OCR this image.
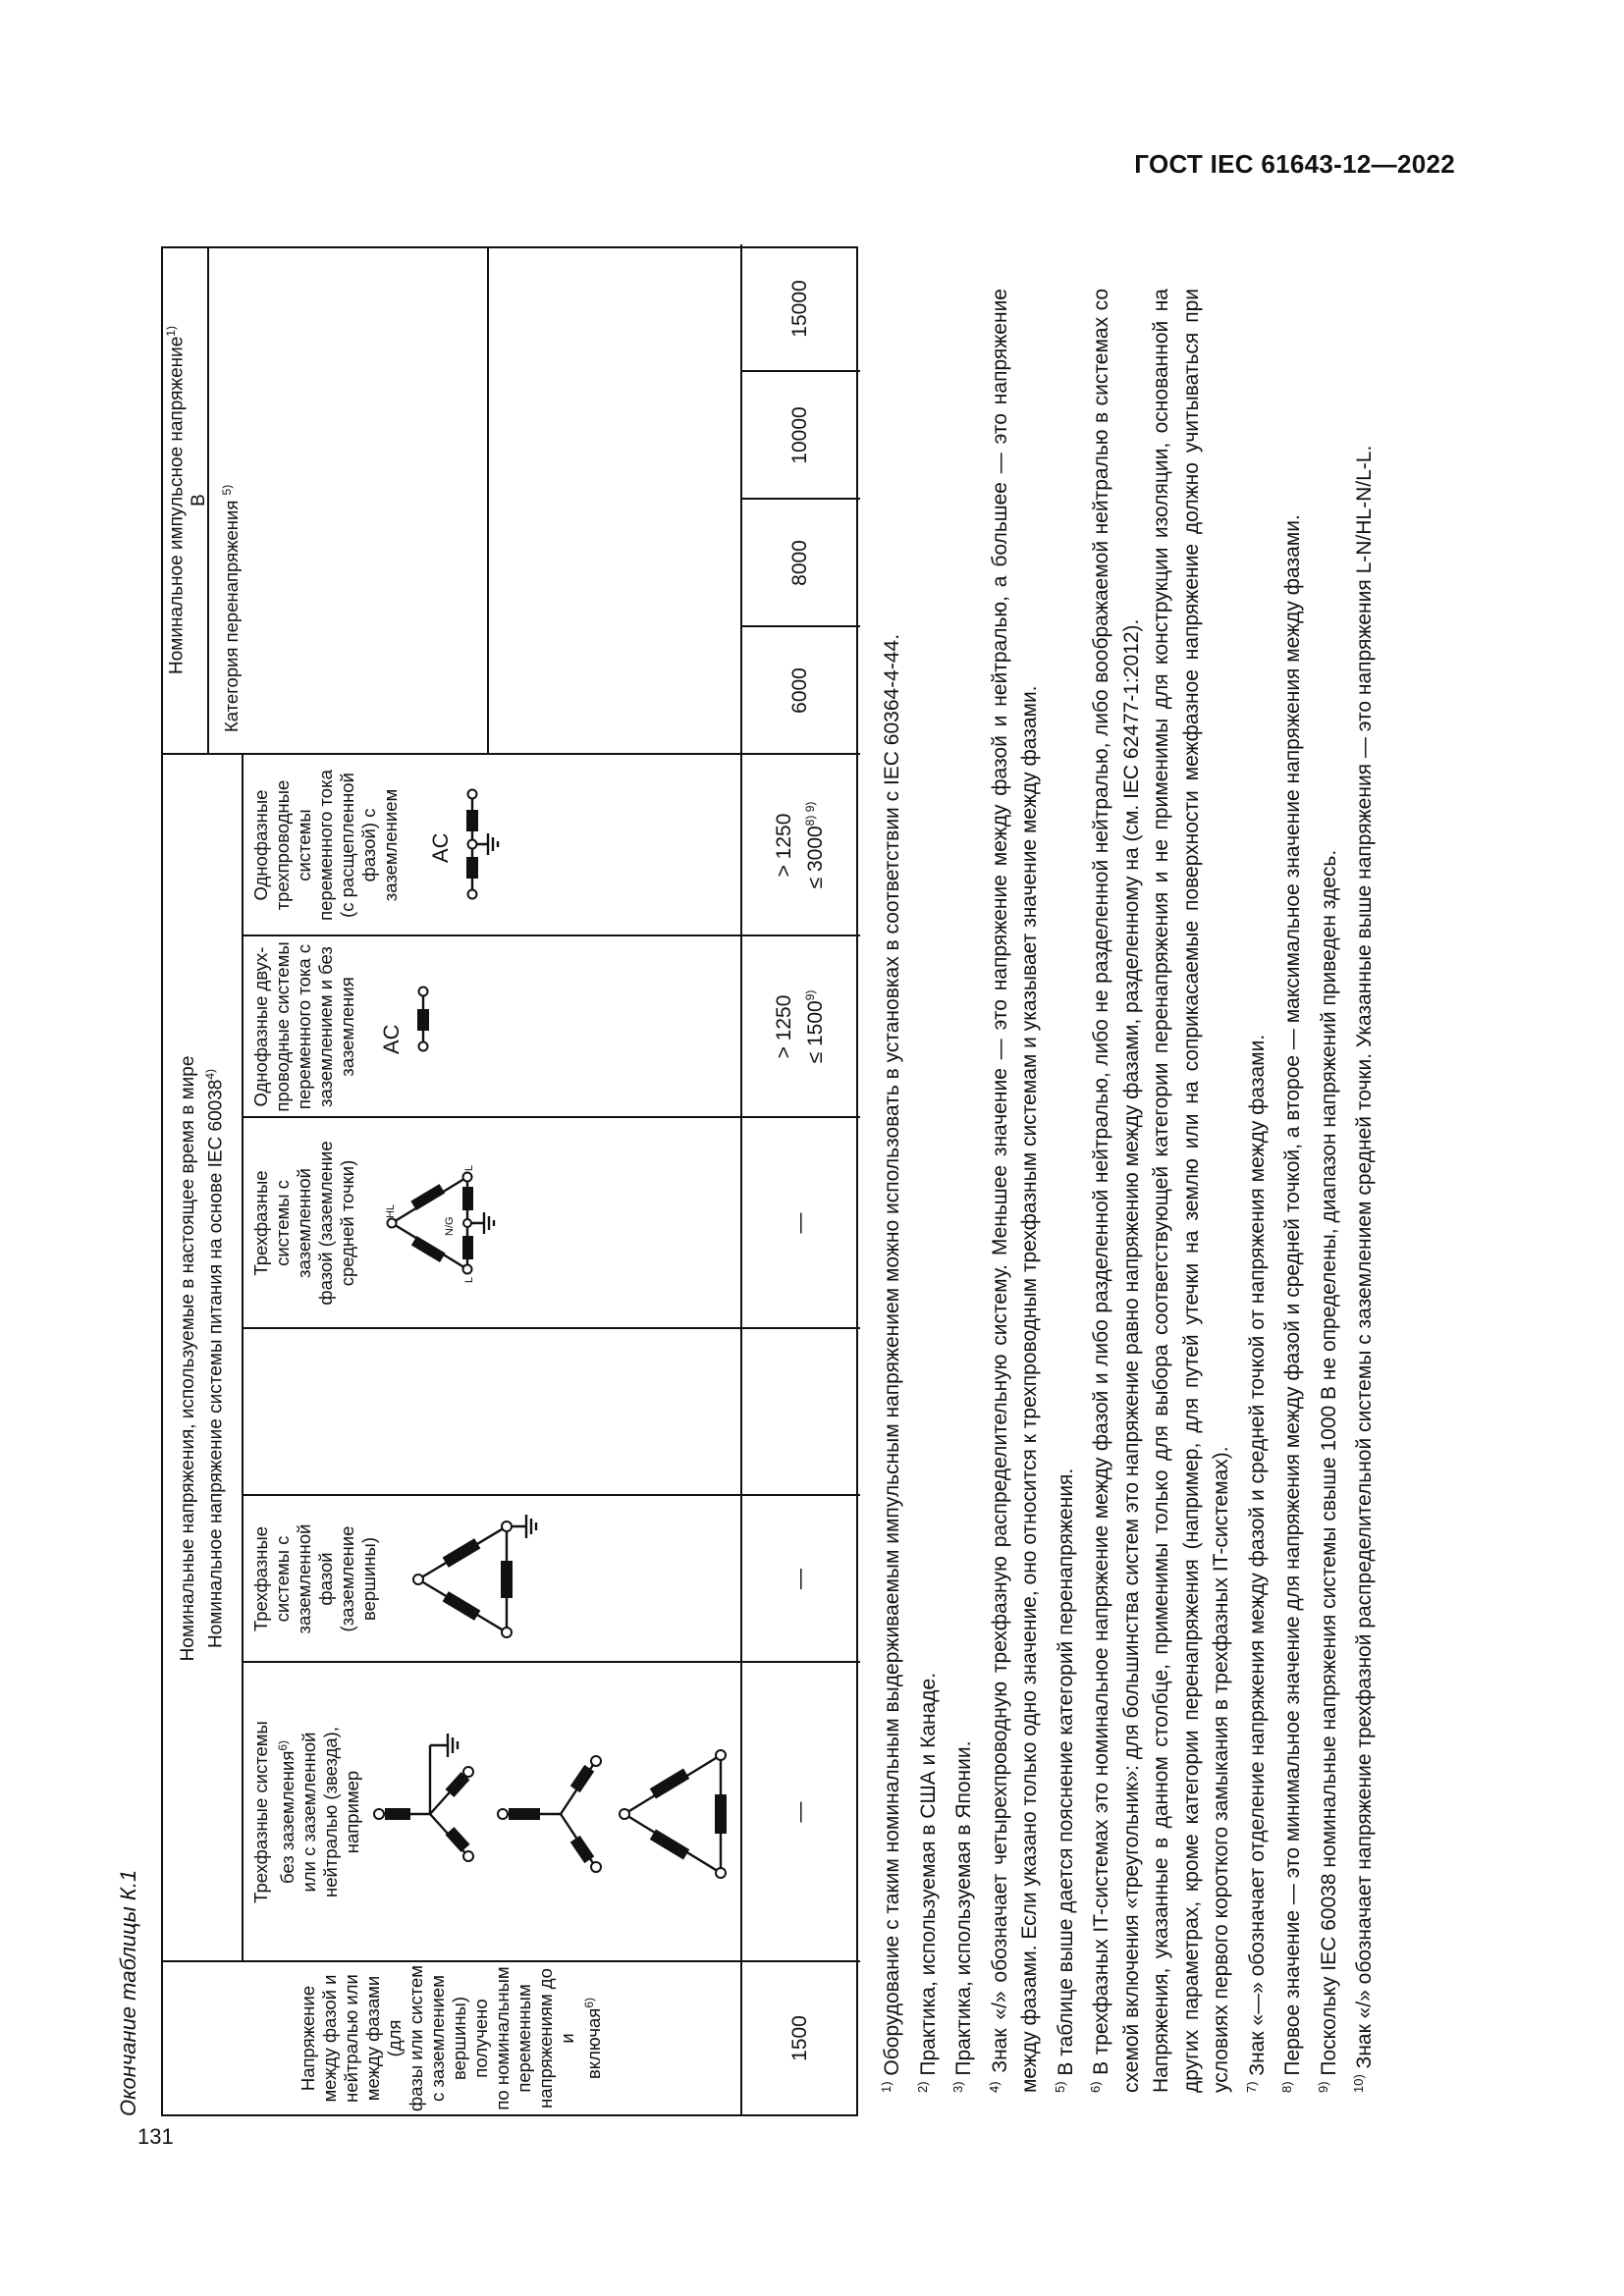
ГОСТ IEC 61643-12—2022
131
Окончание таблицы К.1
Номинальные напряжения, используемые в настоящее время в мире Номинальное напряжение системы питания на основе IEC 60038$^{4)}$
Номинальное импульсное напряжение$^{1)}$
В Категория перенапряжения $^{5)}$
Напряжение между фазой и нейтралью или между фазами (для фазы или систем с заземлением вершины) получено по номинальным переменным напряжениям до и включая$^{6)}$
Трехфазные системы без заземления$^{6)}$ или с заземленной нейтралью (звезда), например
Трехфазные системы с заземленной фазой (заземление вершины)
Трехфазные системы с заземленной фазой (заземление средней точки)	HL
N/G
L
L
Однофазные двух- проводные системы переменного тока с заземлением и без заземления AC
Однофазные трехпроводные системы переменного тока (с расщепленной фазой) с заземлением AC
1500
—
—
—
> $1250 \le 1500^{9)}$
> $1250 \le 3000^{8) 9)}$
6000
8000
10000
15000

$^{1)}$ Оборудование с таким номинальным выдерживаемым импульсным напряжением можно использовать в установках в соответствии с IEC 60364-4-44.

$^{2)}$ Практика, используемая в США и Канаде.

$^{3)}$ Практика, используемая в Японии.

$^{4)}$ Знак «/» обозначает четырехпроводную трехфазную распределительную систему. Меньшее значение — это напряжение между фазой и нейтралью, а большее — это напряжение между фазами. Если указано только одно значение, оно относится к трехпроводным трехфазным системам и указывает значение между фазами. $^{5)}$ В таблице выше дается пояснение категорий перенапряжения.

$^{6)}$ В трехфазных IT-системах это номинальное напряжение между фазой и либо разделенной нейтралью, либо не разделенной нейтралью, либо воображаемой нейтралью в системах со схемой включения «треугольник»: для большинства систем это напряжение равно напряжению между фазами, разделенному на (см. IEC 62477-1:2012). Напряжения, указанные в данном столбце, применимы только для выбора соответствующей категории перенапряжения и не применимы для конструкции изоляции, основанной на других параметрах, кроме категории перенапряжения (например, для путей утечки на землю или на соприкасаемые поверхности межфазное напряжение должно учитываться при условиях первого короткого замыкания в трехфазных IT-системах). $^{7)}$ Знак «—» обозначает отделение напряжения между фазой и средней точкой от напряжения между фазами.

$^{8)}$ Первое значение — это минимальное значение для напряжения между фазой и средней точкой, а второе — максимальное значение напряжения между фазами.

$^{9)}$ Поскольку IEC 60038 номинальные напряжения системы свыше 1000 В не определены, диапазон напряжений приведен здесь.

$^{10)}$ Знак «/» обозначает напряжение трехфазной распределительной системы с заземлением средней точки. Указанные выше напряжения — это напряжения L-N/HL-N/L-L.
